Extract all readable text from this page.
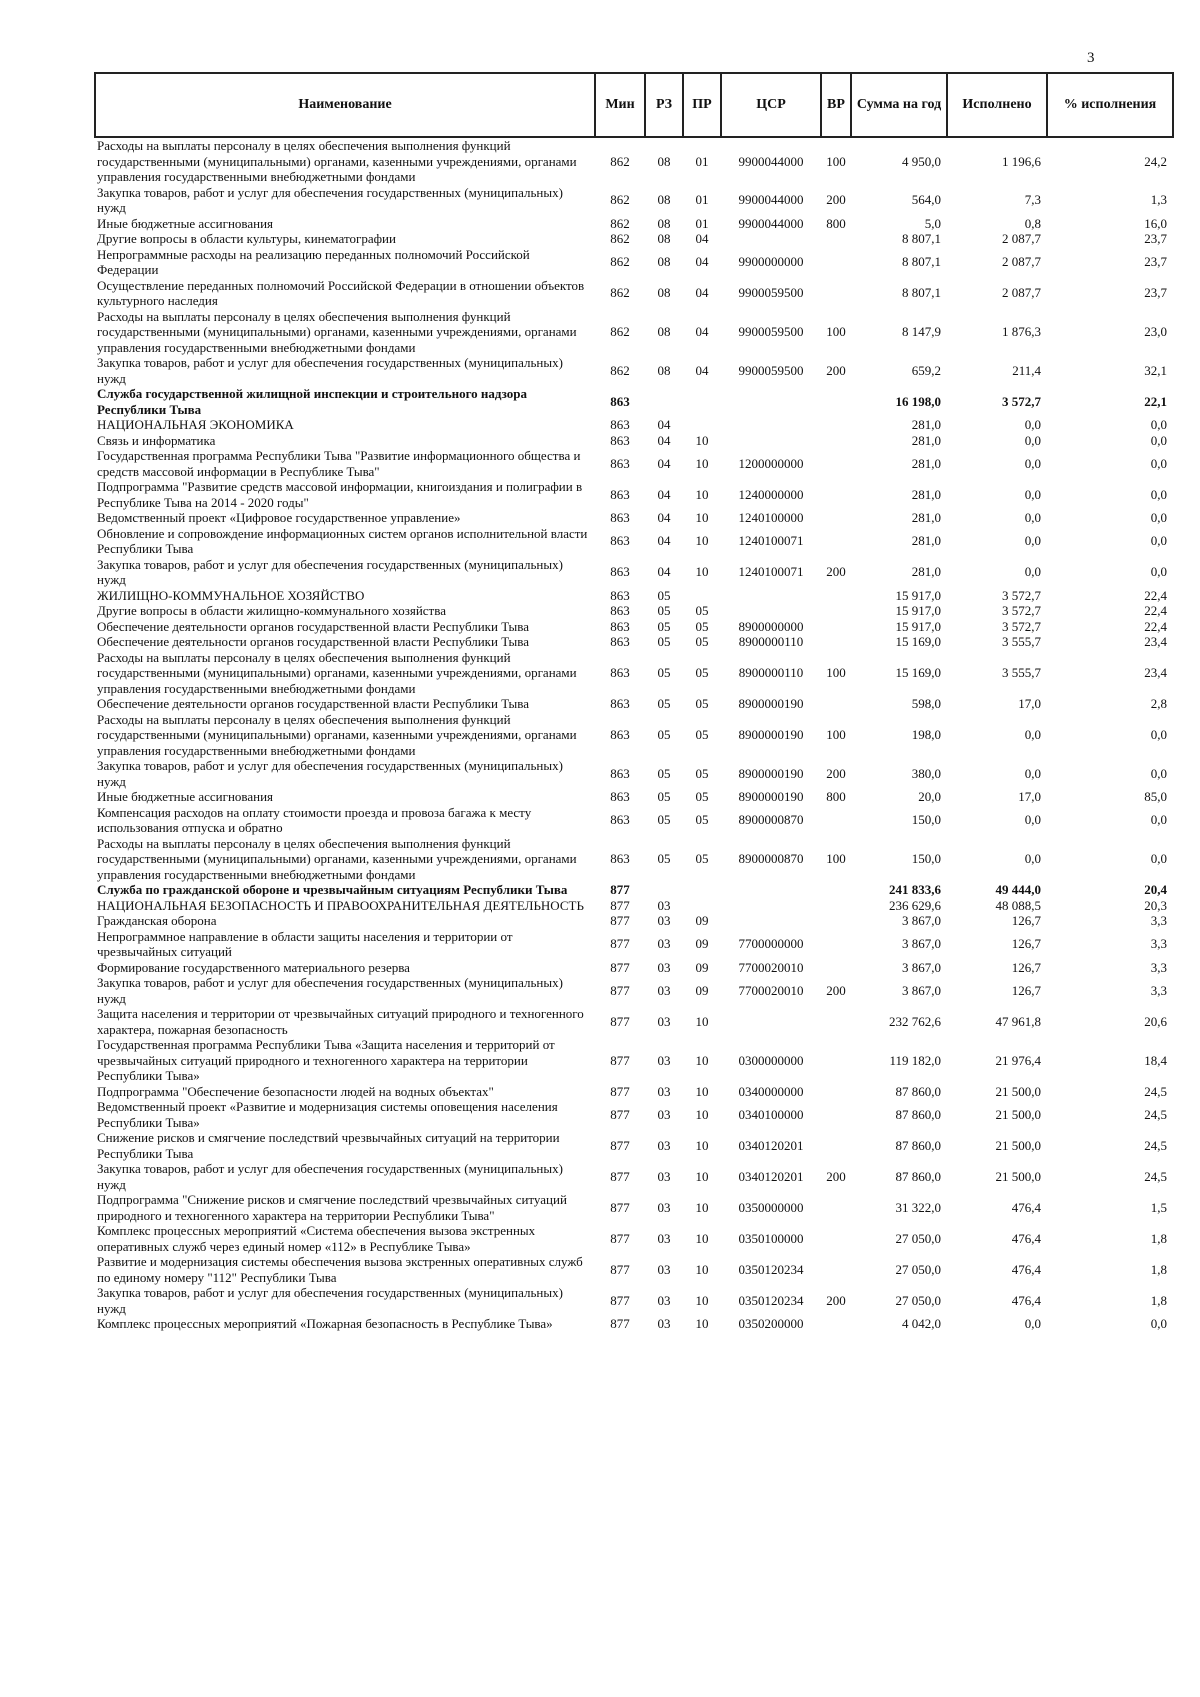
3
Наименование	Мин	РЗ	ПР	ЦСР	ВР	Сумма на год	Исполнено	% исполнения
Расходы на выплаты персоналу в целях обеспечения выполнения функций государственными (муниципальными) органами, казенными учреждениями, органами управления государственными внебюджетными фондами	862	08	01	9900044000	100	4 950,0	1 196,6	24,2
Закупка товаров, работ и услуг для обеспечения государственных (муниципальных) нужд	862	08	01	9900044000	200	564,0	7,3	1,3
Иные бюджетные ассигнования	862	08	01	9900044000	800	5,0	0,8	16,0
Другие вопросы в области культуры, кинематографии	862	08	04			8 807,1	2 087,7	23,7
Непрограммные расходы на реализацию переданных полномочий Российской Федерации	862	08	04	9900000000		8 807,1	2 087,7	23,7
Осуществление переданных полномочий Российской Федерации в отношении объектов культурного наследия	862	08	04	9900059500		8 807,1	2 087,7	23,7
Расходы на выплаты персоналу в целях обеспечения выполнения функций государственными (муниципальными) органами, казенными учреждениями, органами управления государственными внебюджетными фондами	862	08	04	9900059500	100	8 147,9	1 876,3	23,0
Закупка товаров, работ и услуг для обеспечения государственных (муниципальных) нужд	862	08	04	9900059500	200	659,2	211,4	32,1
Служба государственной жилищной инспекции и строительного надзора Республики Тыва	863					16 198,0	3 572,7	22,1
НАЦИОНАЛЬНАЯ ЭКОНОМИКА	863	04				281,0	0,0	0,0
Связь и информатика	863	04	10			281,0	0,0	0,0
Государственная программа Республики Тыва "Развитие информационного общества и средств массовой информации в Республике Тыва"	863	04	10	1200000000		281,0	0,0	0,0
Подпрограмма "Развитие средств массовой информации, книгоиздания и полиграфии в Республике Тыва на 2014 - 2020 годы"	863	04	10	1240000000		281,0	0,0	0,0
Ведомственный проект «Цифровое государственное управление»	863	04	10	1240100000		281,0	0,0	0,0
Обновление и сопровождение информационных систем органов исполнительной власти Республики Тыва	863	04	10	1240100071		281,0	0,0	0,0
Закупка товаров, работ и услуг для обеспечения государственных (муниципальных) нужд	863	04	10	1240100071	200	281,0	0,0	0,0
ЖИЛИЩНО-КОММУНАЛЬНОЕ ХОЗЯЙСТВО	863	05				15 917,0	3 572,7	22,4
Другие вопросы в области жилищно-коммунального хозяйства	863	05	05			15 917,0	3 572,7	22,4
Обеспечение деятельности органов государственной власти Республики Тыва	863	05	05	8900000000		15 917,0	3 572,7	22,4
Обеспечение деятельности органов государственной власти Республики Тыва	863	05	05	8900000110		15 169,0	3 555,7	23,4
Расходы на выплаты персоналу в целях обеспечения выполнения функций государственными (муниципальными) органами, казенными учреждениями, органами управления государственными внебюджетными фондами	863	05	05	8900000110	100	15 169,0	3 555,7	23,4
Обеспечение деятельности органов государственной власти Республики Тыва	863	05	05	8900000190		598,0	17,0	2,8
Расходы на выплаты персоналу в целях обеспечения выполнения функций государственными (муниципальными) органами, казенными учреждениями, органами управления государственными внебюджетными фондами	863	05	05	8900000190	100	198,0	0,0	0,0
Закупка товаров, работ и услуг для обеспечения государственных (муниципальных) нужд	863	05	05	8900000190	200	380,0	0,0	0,0
Иные бюджетные ассигнования	863	05	05	8900000190	800	20,0	17,0	85,0
Компенсация расходов на оплату стоимости проезда и провоза багажа к месту использования отпуска и обратно	863	05	05	8900000870		150,0	0,0	0,0
Расходы на выплаты персоналу в целях обеспечения выполнения функций государственными (муниципальными) органами, казенными учреждениями, органами управления государственными внебюджетными фондами	863	05	05	8900000870	100	150,0	0,0	0,0
Служба по гражданской обороне и чрезвычайным ситуациям Республики Тыва	877					241 833,6	49 444,0	20,4
НАЦИОНАЛЬНАЯ БЕЗОПАСНОСТЬ И ПРАВООХРАНИТЕЛЬНАЯ ДЕЯТЕЛЬНОСТЬ	877	03				236 629,6	48 088,5	20,3
Гражданская оборона	877	03	09			3 867,0	126,7	3,3
Непрограммное направление в области защиты населения и территории от чрезвычайных ситуаций	877	03	09	7700000000		3 867,0	126,7	3,3
Формирование государственного материального резерва	877	03	09	7700020010		3 867,0	126,7	3,3
Закупка товаров, работ и услуг для обеспечения государственных (муниципальных) нужд	877	03	09	7700020010	200	3 867,0	126,7	3,3
Защита населения и территории от чрезвычайных ситуаций природного и техногенного характера, пожарная безопасность	877	03	10			232 762,6	47 961,8	20,6
Государственная программа Республики Тыва «Защита населения и территорий от чрезвычайных ситуаций природного и техногенного характера на территории Республики Тыва»	877	03	10	0300000000		119 182,0	21 976,4	18,4
Подпрограмма "Обеспечение безопасности людей на водных объектах"	877	03	10	0340000000		87 860,0	21 500,0	24,5
Ведомственный проект «Развитие и модернизация системы оповещения населения Республики Тыва»	877	03	10	0340100000		87 860,0	21 500,0	24,5
Снижение рисков и смягчение последствий чрезвычайных ситуаций на территории Республики Тыва	877	03	10	0340120201		87 860,0	21 500,0	24,5
Закупка товаров, работ и услуг для обеспечения государственных (муниципальных) нужд	877	03	10	0340120201	200	87 860,0	21 500,0	24,5
Подпрограмма "Снижение рисков и смягчение последствий чрезвычайных ситуаций природного и техногенного характера на территории Республики Тыва"	877	03	10	0350000000		31 322,0	476,4	1,5
Комплекс процессных мероприятий «Система обеспечения вызова экстренных оперативных служб через единый номер «112» в Республике Тыва»	877	03	10	0350100000		27 050,0	476,4	1,8
Развитие и модернизация системы обеспечения вызова экстренных оперативных служб по единому номеру "112" Республики Тыва	877	03	10	0350120234		27 050,0	476,4	1,8
Закупка товаров, работ и услуг для обеспечения государственных (муниципальных) нужд	877	03	10	0350120234	200	27 050,0	476,4	1,8
Комплекс процессных мероприятий «Пожарная безопасность в Республике Тыва»	877	03	10	0350200000		4 042,0	0,0	0,0
